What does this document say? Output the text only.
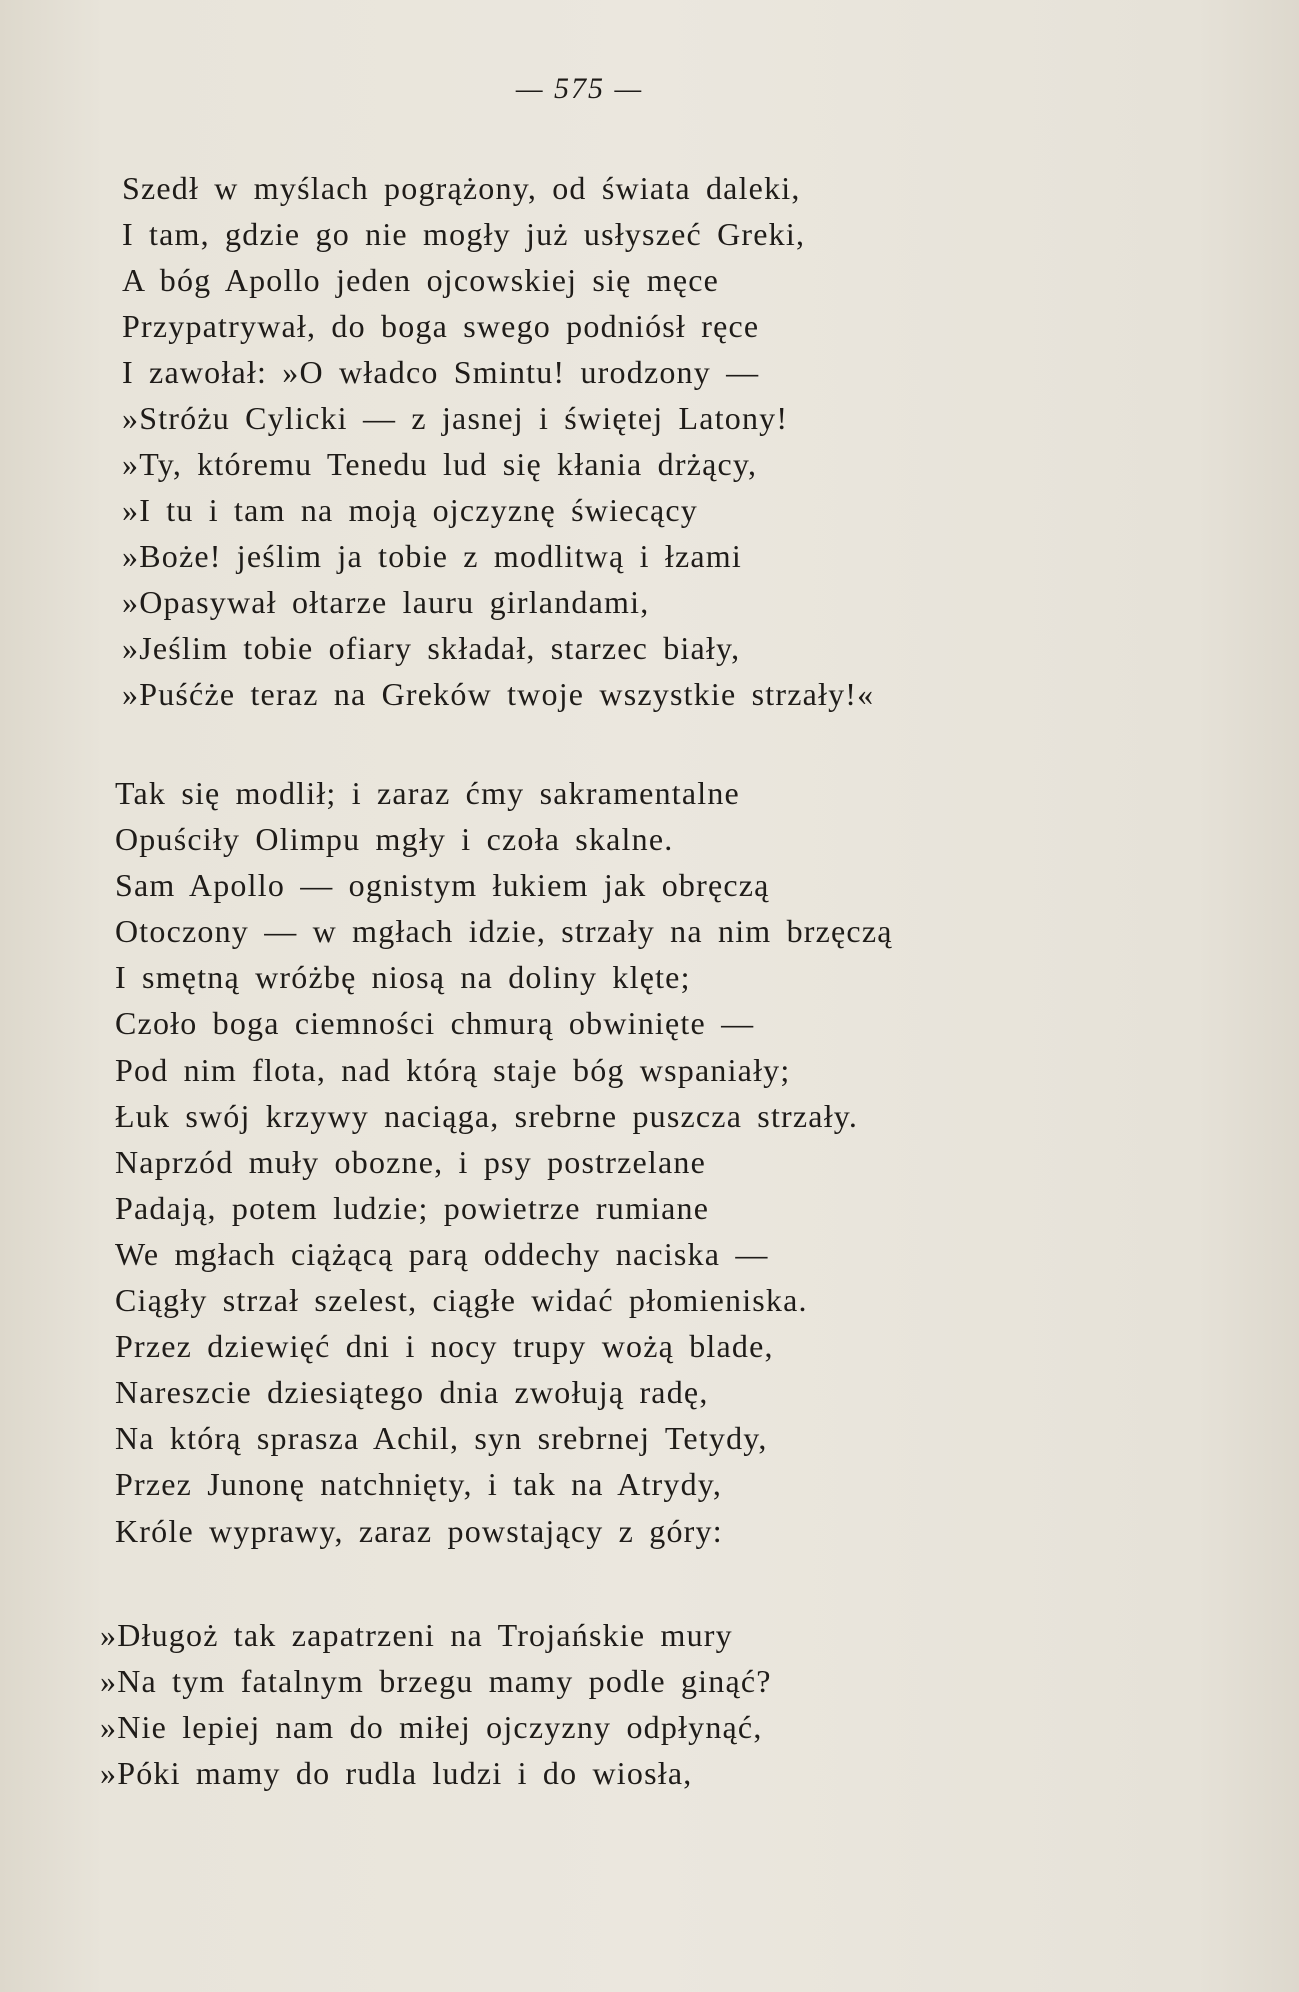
— 575 —
Szedł w myślach pogrążony, od świata daleki,
I tam, gdzie go nie mogły już usłyszeć Greki,
A bóg Apollo jeden ojcowskiej się męce
Przypatrywał, do boga swego podniósł ręce
I zawołał: »O władco Smintu! urodzony —
»Stróżu Cylicki — z jasnej i świętej Latony!
»Ty, któremu Tenedu lud się kłania drżący,
»I tu i tam na moją ojczyznę świecący
»Boże! jeślim ja tobie z modlitwą i łzami
»Opasywał ołtarze lauru girlandami,
»Jeślim tobie ofiary składał, starzec biały,
»Puśćże teraz na Greków twoje wszystkie strzały!«
Tak się modlił; i zaraz ćmy sakramentalne
Opuściły Olimpu mgły i czoła skalne.
Sam Apollo — ognistym łukiem jak obręczą
Otoczony — w mgłach idzie, strzały na nim brzęczą
I smętną wróżbę niosą na doliny klęte;
Czoło boga ciemności chmurą obwinięte —
Pod nim flota, nad którą staje bóg wspaniały;
Łuk swój krzywy naciąga, srebrne puszcza strzały.
Naprzód muły obozne, i psy postrzelane
Padają, potem ludzie; powietrze rumiane
We mgłach ciążącą parą oddechy naciska —
Ciągły strzał szelest, ciągłe widać płomieniska.
Przez dziewięć dni i nocy trupy wożą blade,
Nareszcie dziesiątego dnia zwołują radę,
Na którą sprasza Achil, syn srebrnej Tetydy,
Przez Junonę natchnięty, i tak na Atrydy,
Króle wyprawy, zaraz powstający z góry:
»Długoż tak zapatrzeni na Trojańskie mury
»Na tym fatalnym brzegu mamy podle ginąć?
»Nie lepiej nam do miłej ojczyzny odpłynąć,
»Póki mamy do rudla ludzi i do wiosła,
